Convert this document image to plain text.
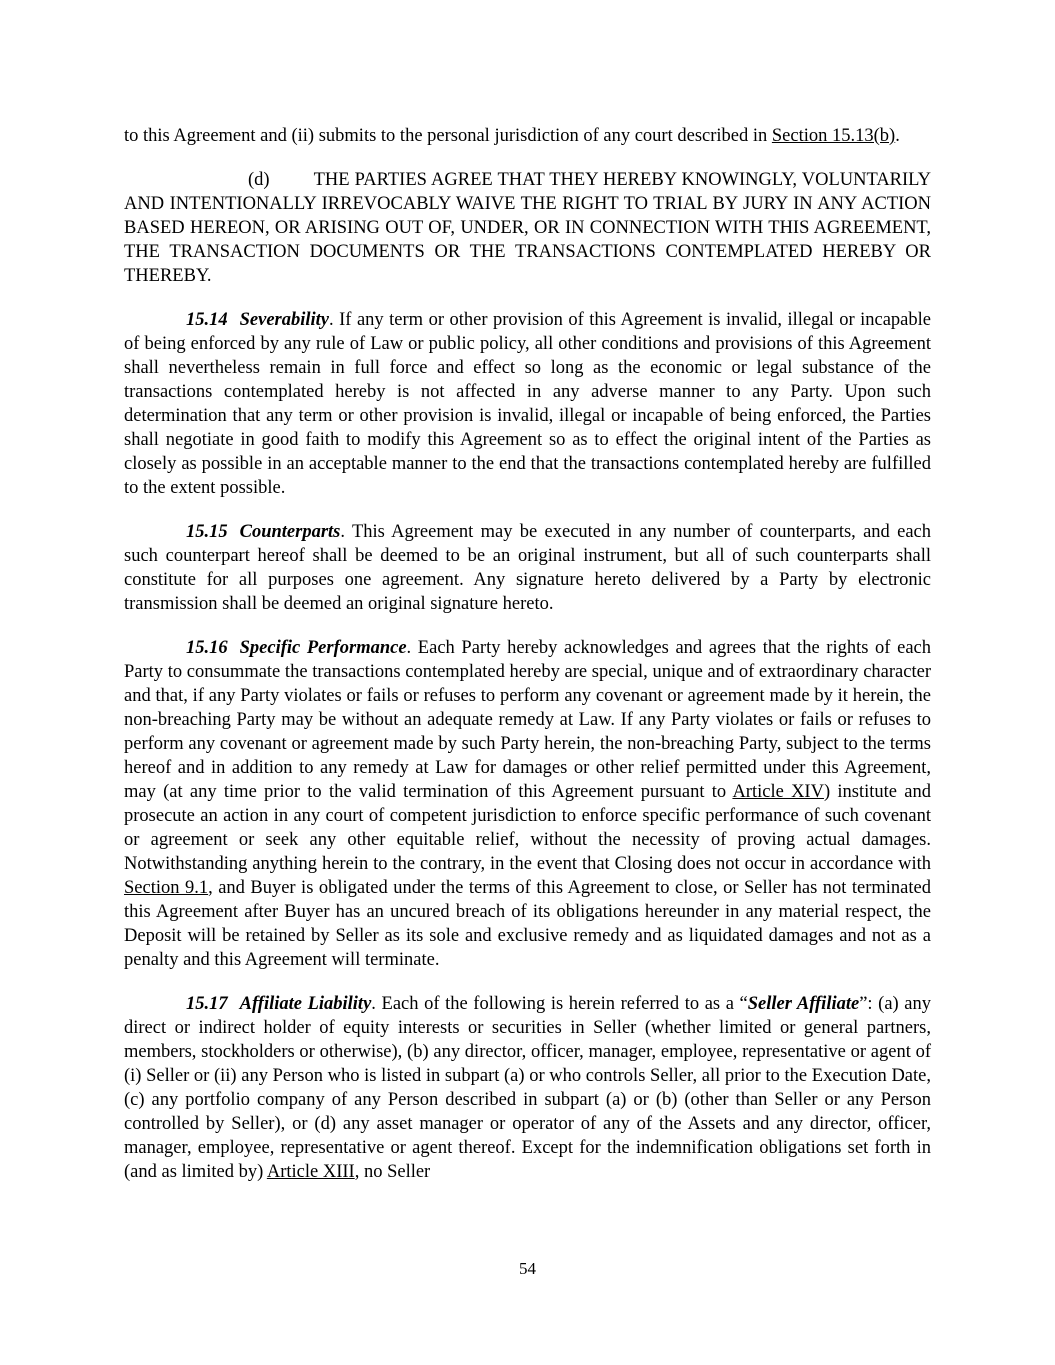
to this Agreement and (ii) submits to the personal jurisdiction of any court described in Section 15.13(b).

(d) THE PARTIES AGREE THAT THEY HEREBY KNOWINGLY, VOLUNTARILY AND INTENTIONALLY IRREVOCABLY WAIVE THE RIGHT TO TRIAL BY JURY IN ANY ACTION BASED HEREON, OR ARISING OUT OF, UNDER, OR IN CONNECTION WITH THIS AGREEMENT, THE TRANSACTION DOCUMENTS OR THE TRANSACTIONS CONTEMPLATED HEREBY OR THEREBY.

15.14 Severability. If any term or other provision of this Agreement is invalid, illegal or incapable of being enforced by any rule of Law or public policy, all other conditions and provisions of this Agreement shall nevertheless remain in full force and effect so long as the economic or legal substance of the transactions contemplated hereby is not affected in any adverse manner to any Party. Upon such determination that any term or other provision is invalid, illegal or incapable of being enforced, the Parties shall negotiate in good faith to modify this Agreement so as to effect the original intent of the Parties as closely as possible in an acceptable manner to the end that the transactions contemplated hereby are fulfilled to the extent possible.

15.15 Counterparts. This Agreement may be executed in any number of counterparts, and each such counterpart hereof shall be deemed to be an original instrument, but all of such counterparts shall constitute for all purposes one agreement. Any signature hereto delivered by a Party by electronic transmission shall be deemed an original signature hereto.

15.16 Specific Performance. Each Party hereby acknowledges and agrees that the rights of each Party to consummate the transactions contemplated hereby are special, unique and of extraordinary character and that, if any Party violates or fails or refuses to perform any covenant or agreement made by it herein, the non-breaching Party may be without an adequate remedy at Law. If any Party violates or fails or refuses to perform any covenant or agreement made by such Party herein, the non-breaching Party, subject to the terms hereof and in addition to any remedy at Law for damages or other relief permitted under this Agreement, may (at any time prior to the valid termination of this Agreement pursuant to Article XIV) institute and prosecute an action in any court of competent jurisdiction to enforce specific performance of such covenant or agreement or seek any other equitable relief, without the necessity of proving actual damages. Notwithstanding anything herein to the contrary, in the event that Closing does not occur in accordance with Section 9.1, and Buyer is obligated under the terms of this Agreement to close, or Seller has not terminated this Agreement after Buyer has an uncured breach of its obligations hereunder in any material respect, the Deposit will be retained by Seller as its sole and exclusive remedy and as liquidated damages and not as a penalty and this Agreement will terminate.

15.17 Affiliate Liability. Each of the following is herein referred to as a “Seller Affiliate”: (a) any direct or indirect holder of equity interests or securities in Seller (whether limited or general partners, members, stockholders or otherwise), (b) any director, officer, manager, employee, representative or agent of (i) Seller or (ii) any Person who is listed in subpart (a) or who controls Seller, all prior to the Execution Date, (c) any portfolio company of any Person described in subpart (a) or (b) (other than Seller or any Person controlled by Seller), or (d) any asset manager or operator of any of the Assets and any director, officer, manager, employee, representative or agent thereof. Except for the indemnification obligations set forth in (and as limited by) Article XIII, no Seller

54
